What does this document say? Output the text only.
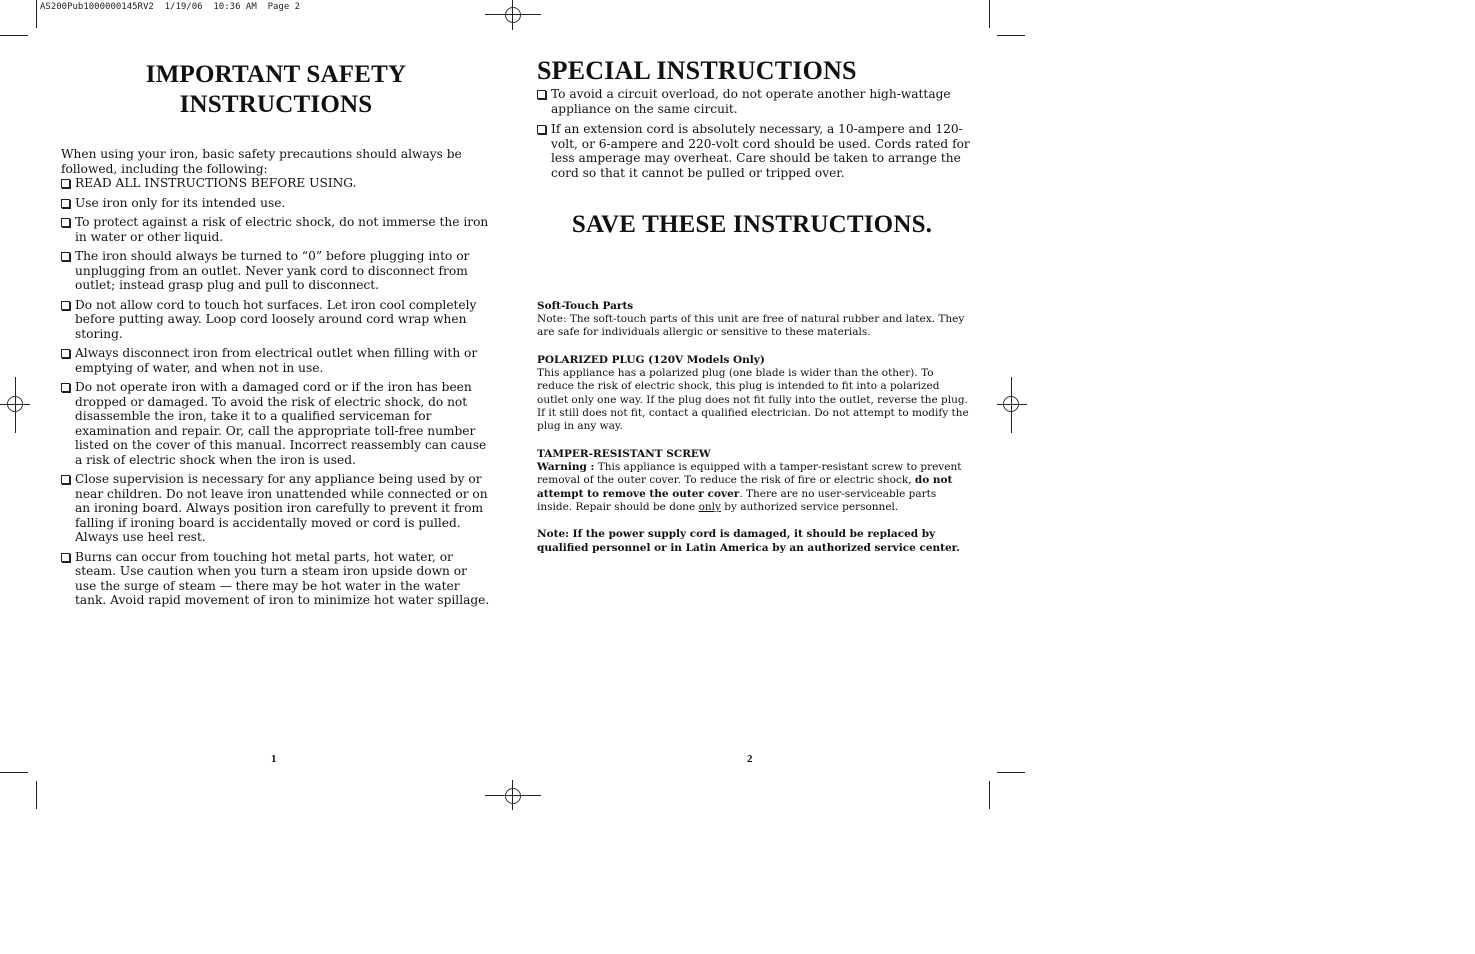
AS200Pub1000000145RV2  1/19/06  10:36 AM  Page 2
IMPORTANT SAFETY
INSTRUCTIONS
When using your iron, basic safety precautions should always be followed, including the following:
READ ALL INSTRUCTIONS BEFORE USING.
Use iron only for its intended use.
To protect against a risk of electric shock, do not immerse the iron in water or other liquid.
The iron should always be turned to “0” before plugging into or unplugging from an outlet. Never yank cord to disconnect from outlet; instead grasp plug and pull to disconnect.
Do not allow cord to touch hot surfaces. Let iron cool completely before putting away. Loop cord loosely around cord wrap when storing.
Always disconnect iron from electrical outlet when filling with or emptying of water, and when not in use.
Do not operate iron with a damaged cord or if the iron has been dropped or damaged. To avoid the risk of electric shock, do not disassemble the iron, take it to a qualified serviceman for examination and repair. Or, call the appropriate toll-free number listed on the cover of this manual. Incorrect reassembly can cause a risk of electric shock when the iron is used.
Close supervision is necessary for any appliance being used by or near children. Do not leave iron unattended while connected or on an ironing board. Always position iron carefully to prevent it from falling if ironing board is accidentally moved or cord is pulled. Always use heel rest.
Burns can occur from touching hot metal parts, hot water, or steam. Use caution when you turn a steam iron upside down or use the surge of steam — there may be hot water in the water tank. Avoid rapid movement of iron to minimize hot water spillage.
1
SPECIAL INSTRUCTIONS
To avoid a circuit overload, do not operate another high-wattage appliance on the same circuit.
If an extension cord is absolutely necessary, a 10-ampere and 120-volt, or 6-ampere and 220-volt cord should be used. Cords rated for less amperage may overheat. Care should be taken to arrange the cord so that it cannot be pulled or tripped over.
SAVE THESE INSTRUCTIONS.
Soft-Touch Parts
Note: The soft-touch parts of this unit are free of natural rubber and latex. They are safe for individuals allergic or sensitive to these materials.
POLARIZED PLUG (120V Models Only)
This appliance has a polarized plug (one blade is wider than the other). To reduce the risk of electric shock, this plug is intended to fit into a polarized outlet only one way. If the plug does not fit fully into the outlet, reverse the plug. If it still does not fit, contact a qualified electrician. Do not attempt to modify the plug in any way.
TAMPER-RESISTANT SCREW
Warning : This appliance is equipped with a tamper-resistant screw to prevent removal of the outer cover. To reduce the risk of fire or electric shock, do not attempt to remove the outer cover. There are no user-serviceable parts inside. Repair should be done only by authorized service personnel.
Note: If the power supply cord is damaged, it should be replaced by qualified personnel or in Latin America by an authorized service center.
2
